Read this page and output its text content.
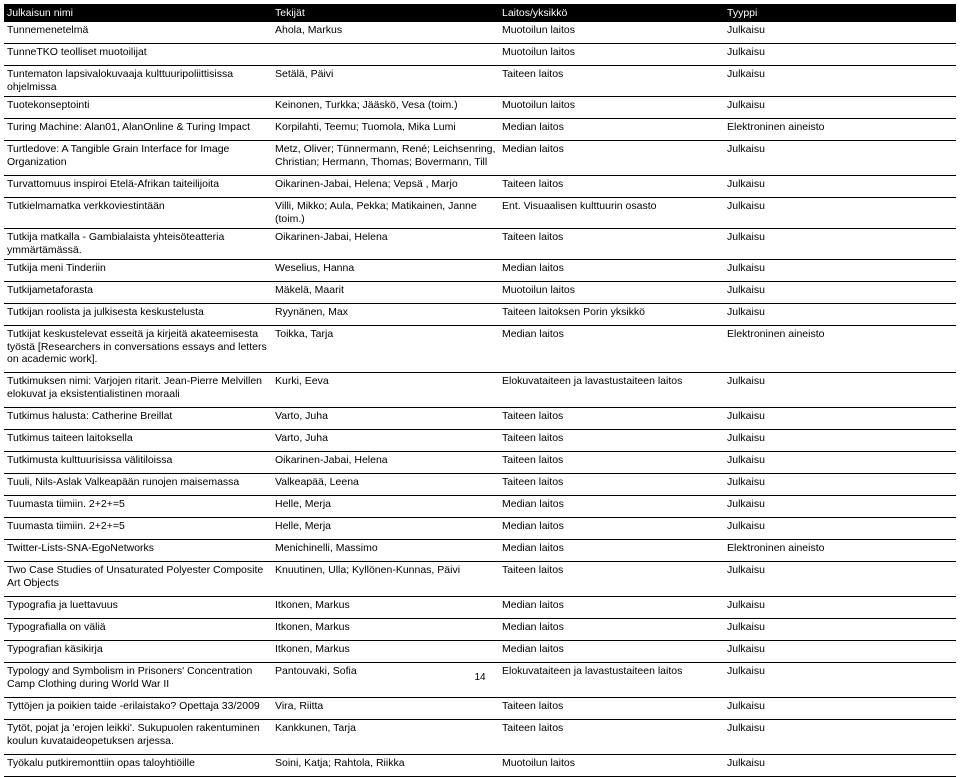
Julkaisun nimi	Tekijät	Laitos/yksikkö	Tyyppi
Tunnemenetelmä	Ahola, Markus	Muotoilun laitos	Julkaisu
TunneTKO teolliset muotoilijat		Muotoilun laitos	Julkaisu
Tuntematon lapsivalokuvaaja kulttuuripoliittisissa ohjelmissa	Setälä, Päivi	Taiteen laitos	Julkaisu
Tuotekonseptointi	Keinonen, Turkka; Jääskö, Vesa (toim.)	Muotoilun laitos	Julkaisu
Turing Machine: Alan01, AlanOnline & Turing Impact	Korpilahti, Teemu; Tuomola, Mika Lumi	Median laitos	Elektroninen aineisto
Turtledove: A Tangible Grain Interface for Image Organization	Metz, Oliver; Tünnermann, René; Leichsenring, Christian; Hermann, Thomas; Bovermann, Till	Median laitos	Julkaisu
Turvattomuus inspiroi Etelä-Afrikan taiteilijoita	Oikarinen-Jabai, Helena; Vepsä , Marjo	Taiteen laitos	Julkaisu
Tutkielmamatka verkkoviestintään	Villi, Mikko; Aula, Pekka; Matikainen, Janne (toim.)	Ent. Visuaalisen kulttuurin osasto	Julkaisu
Tutkija matkalla - Gambialaista yhteisöteatteria ymmärtämässä.	Oikarinen-Jabai, Helena	Taiteen laitos	Julkaisu
Tutkija meni Tinderiin	Weselius, Hanna	Median laitos	Julkaisu
Tutkijametaforasta	Mäkelä, Maarit	Muotoilun laitos	Julkaisu
Tutkijan roolista ja julkisesta keskustelusta	Ryynänen, Max	Taiteen laitoksen Porin yksikkö	Julkaisu
Tutkijat keskustelevat esseitä ja kirjeitä akateemisesta työstä [Researchers in conversations essays and letters on academic work].	Toikka, Tarja	Median laitos	Elektroninen aineisto
Tutkimuksen nimi: Varjojen ritarit. Jean-Pierre Melvillen elokuvat ja eksistentialistinen moraali	Kurki, Eeva	Elokuvataiteen ja lavastustaiteen laitos	Julkaisu
Tutkimus halusta: Catherine Breillat	Varto, Juha	Taiteen laitos	Julkaisu
Tutkimus taiteen laitoksella	Varto, Juha	Taiteen laitos	Julkaisu
Tutkimusta kulttuurisissa välitiloissa	Oikarinen-Jabai, Helena	Taiteen laitos	Julkaisu
Tuuli, Nils-Aslak Valkeapään runojen maisemassa	Valkeapää, Leena	Taiteen laitos	Julkaisu
Tuumasta tiimiin. 2+2+=5	Helle, Merja	Median laitos	Julkaisu
Tuumasta tiimiin. 2+2+=5	Helle, Merja	Median laitos	Julkaisu
Twitter-Lists-SNA-EgoNetworks	Menichinelli, Massimo	Median laitos	Elektroninen aineisto
Two Case Studies of Unsaturated Polyester Composite Art Objects	Knuutinen, Ulla; Kyllönen-Kunnas, Päivi	Taiteen laitos	Julkaisu
Typografia ja luettavuus	Itkonen, Markus	Median laitos	Julkaisu
Typografialla on väliä	Itkonen, Markus	Median laitos	Julkaisu
Typografian käsikirja	Itkonen, Markus	Median laitos	Julkaisu
Typology and Symbolism in Prisoners' Concentration Camp Clothing during World War II	Pantouvaki, Sofia	Elokuvataiteen ja lavastustaiteen laitos	Julkaisu
Tyttöjen ja poikien taide -erilaistako? Opettaja 33/2009	Vira, Riitta	Taiteen laitos	Julkaisu
Tytöt, pojat ja 'erojen leikki'. Sukupuolen rakentuminen koulun kuvataideopetuksen arjessa.	Kankkunen, Tarja	Taiteen laitos	Julkaisu
Työkalu putkiremonttiin opas taloyhtiöille	Soini, Katja; Rahtola, Riikka	Muotoilun laitos	Julkaisu
14
